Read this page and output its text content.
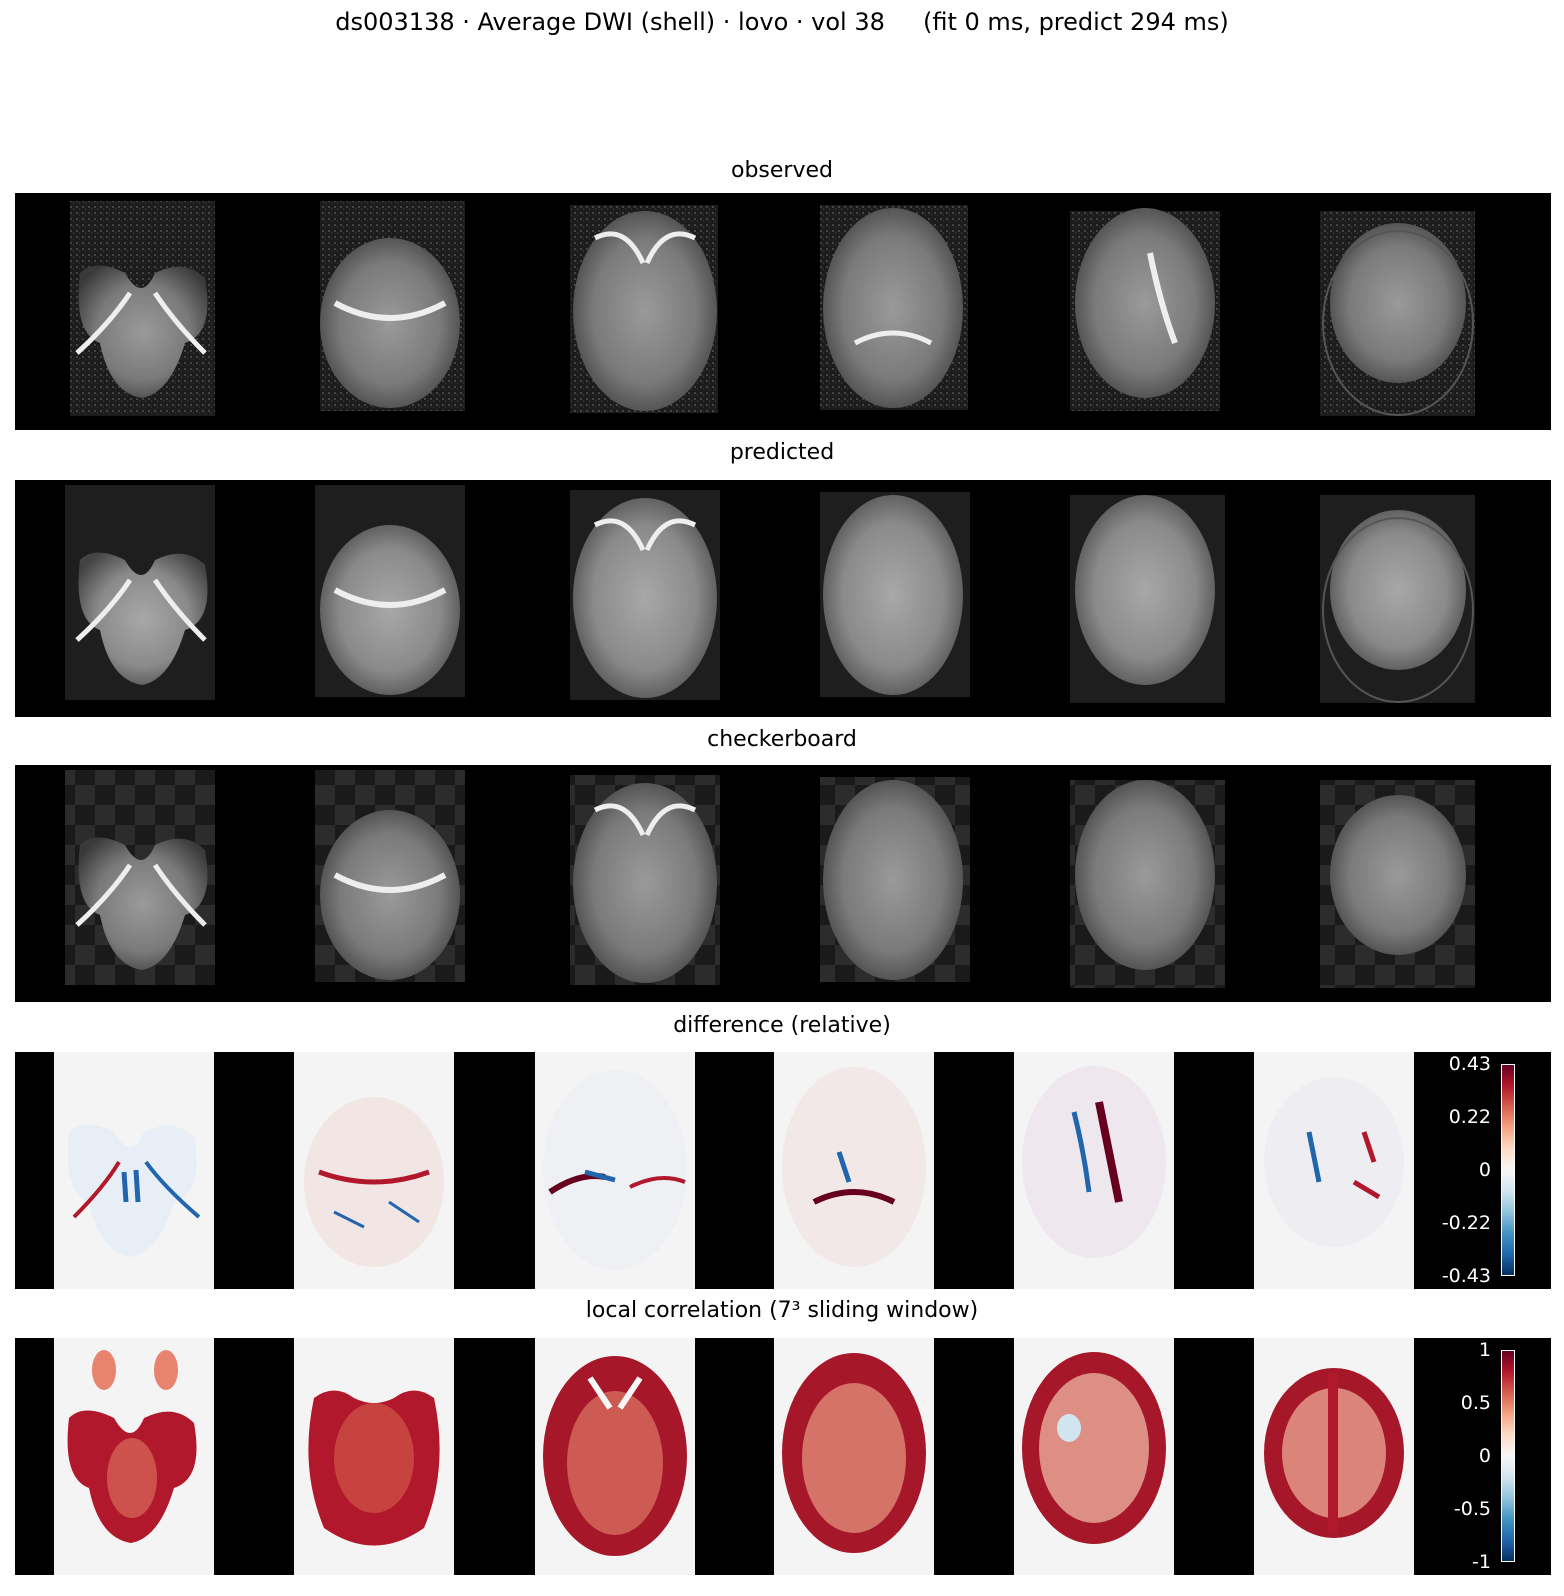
ds003138 · Average DWI (shell) · lovo · vol 38     (fit 0 ms, predict 294 ms)
observed
predicted
checkerboard
difference (relative)
0.43
0.22
0
-0.22
-0.43
local correlation (7³ sliding window)
1
0.5
0
-0.5
-1
